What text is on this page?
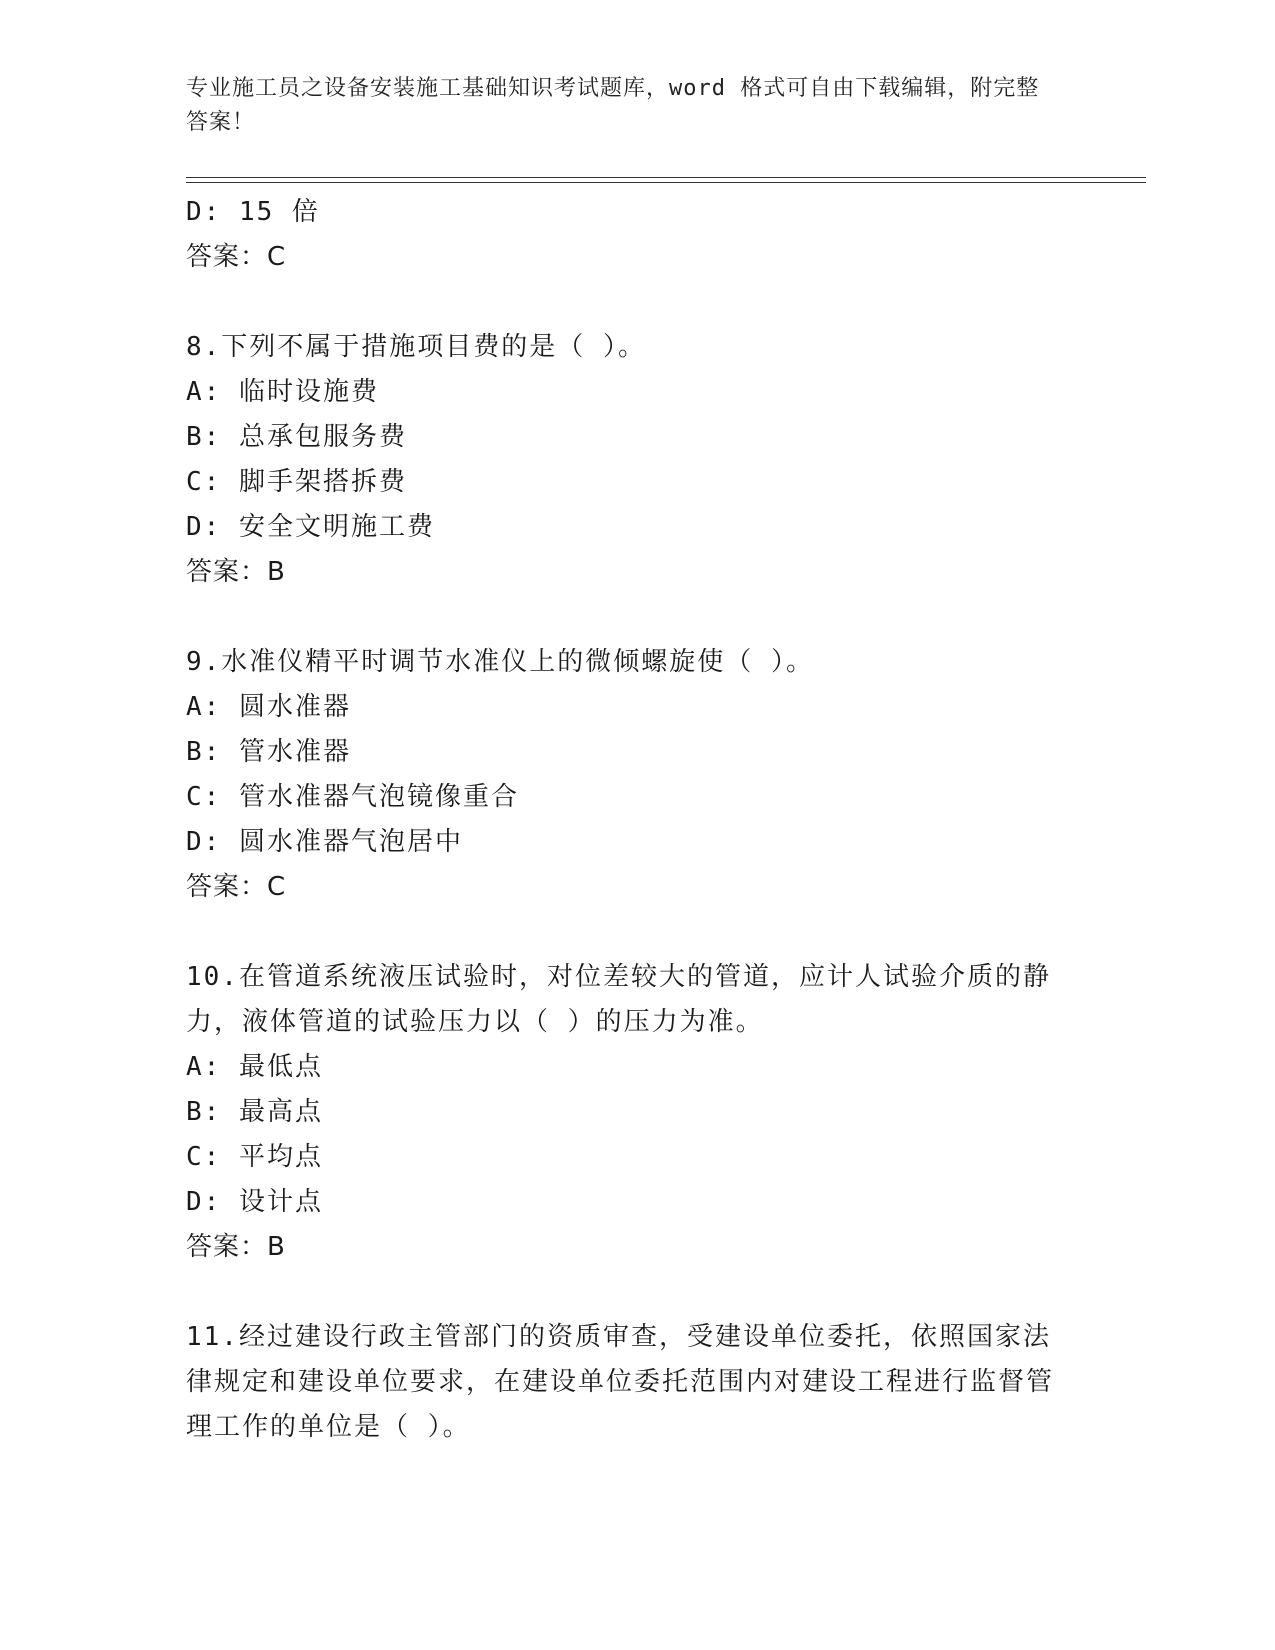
专业施工员之设备安装施工基础知识考试题库，word 格式可自由下载编辑，附完整答案！
D: 15 倍
答案：C
8.下列不属于措施项目费的是（ ）。
A: 临时设施费
B: 总承包服务费
C: 脚手架搭拆费
D: 安全文明施工费
答案：B
9.水准仪精平时调节水准仪上的微倾螺旋使（ ）。
A: 圆水准器
B: 管水准器
C: 管水准器气泡镜像重合
D: 圆水准器气泡居中
答案：C
10.在管道系统液压试验时，对位差较大的管道，应计人试验介质的静力，液体管道的试验压力以（ ）的压力为准。
A: 最低点
B: 最高点
C: 平均点
D: 设计点
答案：B
11.经过建设行政主管部门的资质审查，受建设单位委托，依照国家法律规定和建设单位要求，在建设单位委托范围内对建设工程进行监督管理工作的单位是（ ）。
